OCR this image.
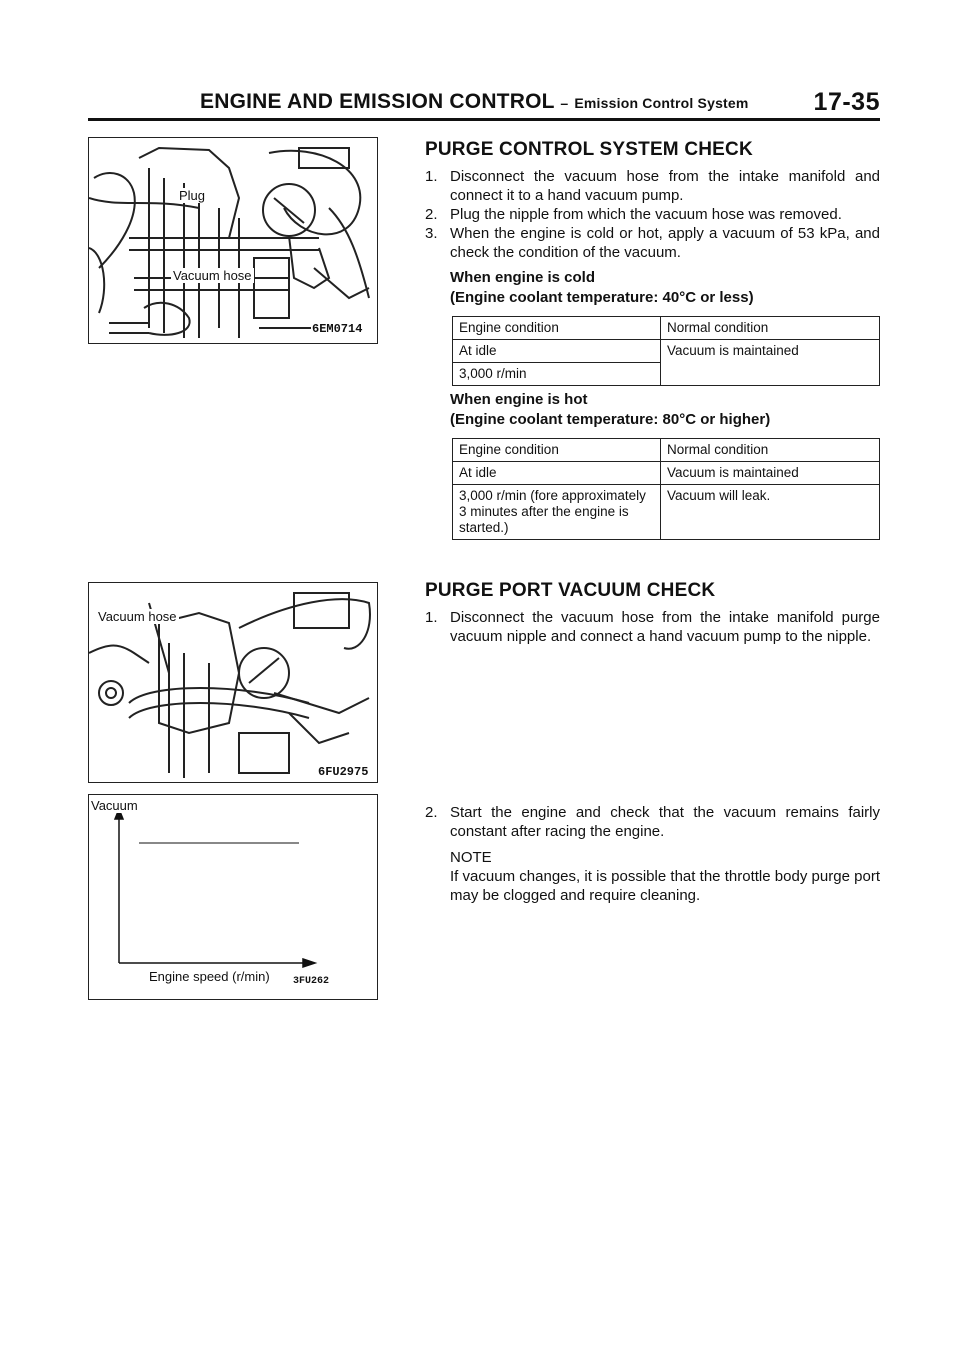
ENGINE AND EMISSION CONTROL – Emission Control System	17-35
Plug
Vacuum hose
6EM0714
Vacuum hose
6FU2975
Vacuum
Engine speed (r/min) 3FU262
PURGE CONTROL SYSTEM CHECK
1. Disconnect the vacuum hose from the intake manifold and connect it to a hand vacuum pump.
2. Plug the nipple from which the vacuum hose was removed.
3. When the engine is cold or hot, apply a vacuum of 53 kPa, and check the condition of the vacuum.

When engine is cold

(Engine coolant temperature: 40°C or less)

Engine condition	Normal condition
At idle	Vacuum is maintained
3,000 r/min	

When engine is hot

(Engine coolant temperature: 80°C or higher)

Engine condition	Normal condition
At idle	Vacuum is maintained
3,000 r/min (fore approximately 3 minutes after the engine is started.)	Vacuum will leak.
PURGE PORT VACUUM CHECK
1. Disconnect the vacuum hose from the intake manifold purge vacuum nipple and connect a hand vacuum pump to the nipple.
2. Start the engine and check that the vacuum remains fairly constant after racing the engine.
NOTE
If vacuum changes, it is possible that the throttle body purge port may be clogged and require cleaning.
